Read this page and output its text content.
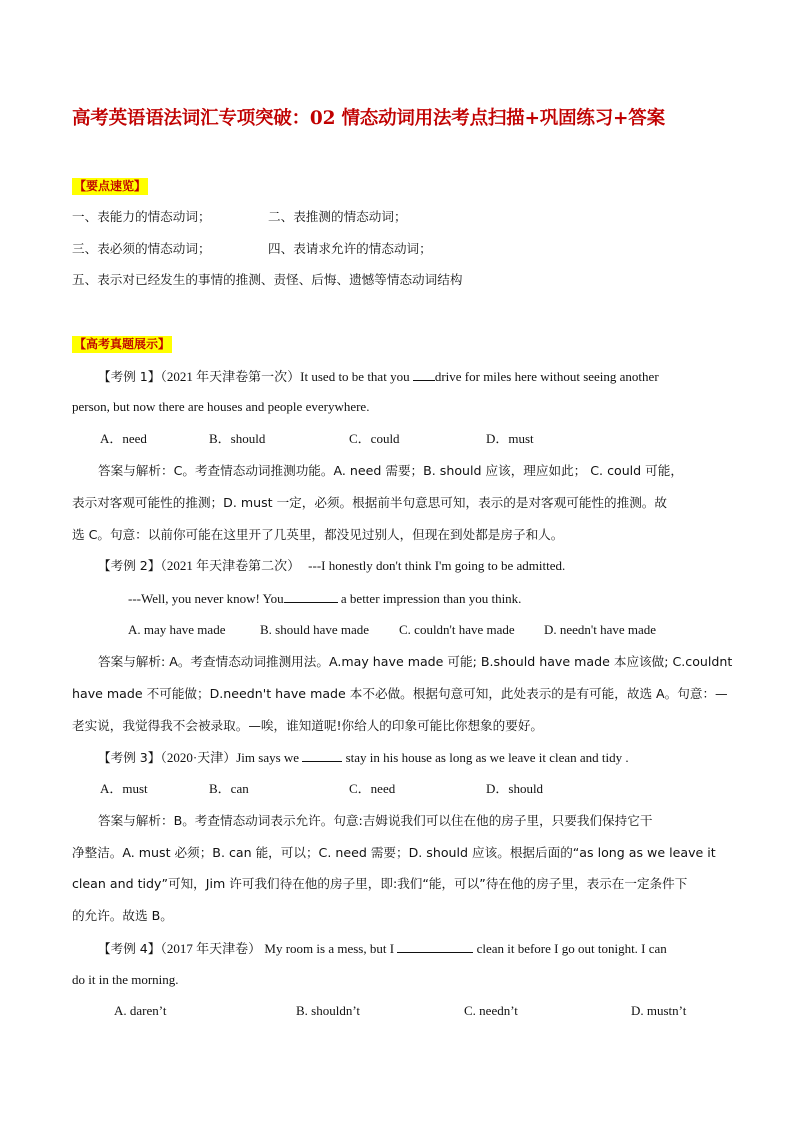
高考英语语法词汇专项突破：02 情态动词用法考点扫描+巩固练习+答案
【要点速览】
一、表能力的情态动词；	二、表推测的情态动词；
三、表必须的情态动词；	四、表请求允许的情态动词；
五、表示对已经发生的事情的推测、责怪、后悔、遗憾等情态动词结构
【高考真题展示】
【考例 1】（2021 年天津卷第一次）It used to be that you drive for miles here without seeing another
person, but now there are houses and people everywhere.
A．need	B．should	C．could	D．must
答案与解析：C。考查情态动词推测功能。A. need 需要；B. should 应该，理应如此； C. could 可能，
表示对客观可能性的推测；D. must 一定，必须。根据前半句意思可知，表示的是对客观可能性的推测。故
选 C。句意：以前你可能在这里开了几英里，都没见过别人，但现在到处都是房子和人。
【考例 2】（2021 年天津卷第二次） ---I honestly don't think I'm going to be admitted.
---Well, you never know! You	a better impression than you think.
A. may have made	B. should have made C. couldn't have made D. needn't have made
答案与解析: A。考查情态动词推测用法。A.may have made 可能; B.should have made 本应该做; C.couldnt
have made 不可能做；D.needn't have made 本不必做。根据句意可知，此处表示的是有可能，故选 A。句意：—
老实说，我觉得我不会被录取。—唉，谁知道呢!你给人的印象可能比你想象的要好。
【考例 3】（2020·天津）Jim says we	stay in his house as long as we leave it clean and tidy .
A．must	B．can	C．need	D．should
答案与解析：B。考查情态动词表示允许。句意:吉姆说我们可以住在他的房子里，只要我们保持它干
净整洁。A. must 必须；B. can 能，可以；C. need 需要；D. should 应该。根据后面的“as long as we leave it
clean and tidy”可知，Jim 许可我们待在他的房子里，即:我们“能，可以”待在他的房子里，表示在一定条件下
的允许。故选 B。
【考例 4】（2017 年天津卷） My room is a mess, but I	clean it before I go out tonight. I can
do it in the morning.
A. daren’t	B. shouldn’t	C. needn’t	D. mustn’t
